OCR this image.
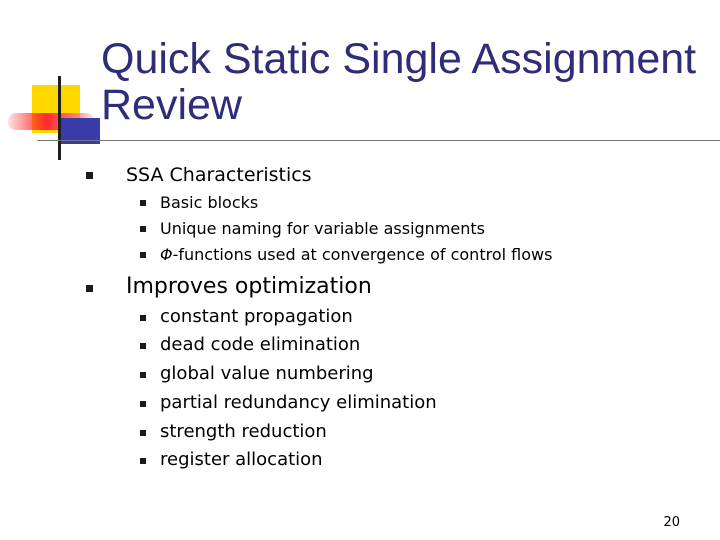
Quick Static Single Assignment Review
SSA Characteristics
Basic blocks
Unique naming for variable assignments
Φ-functions used at convergence of control flows
Improves optimization
constant propagation
dead code elimination
global value numbering
partial redundancy elimination
strength reduction
register allocation
20
